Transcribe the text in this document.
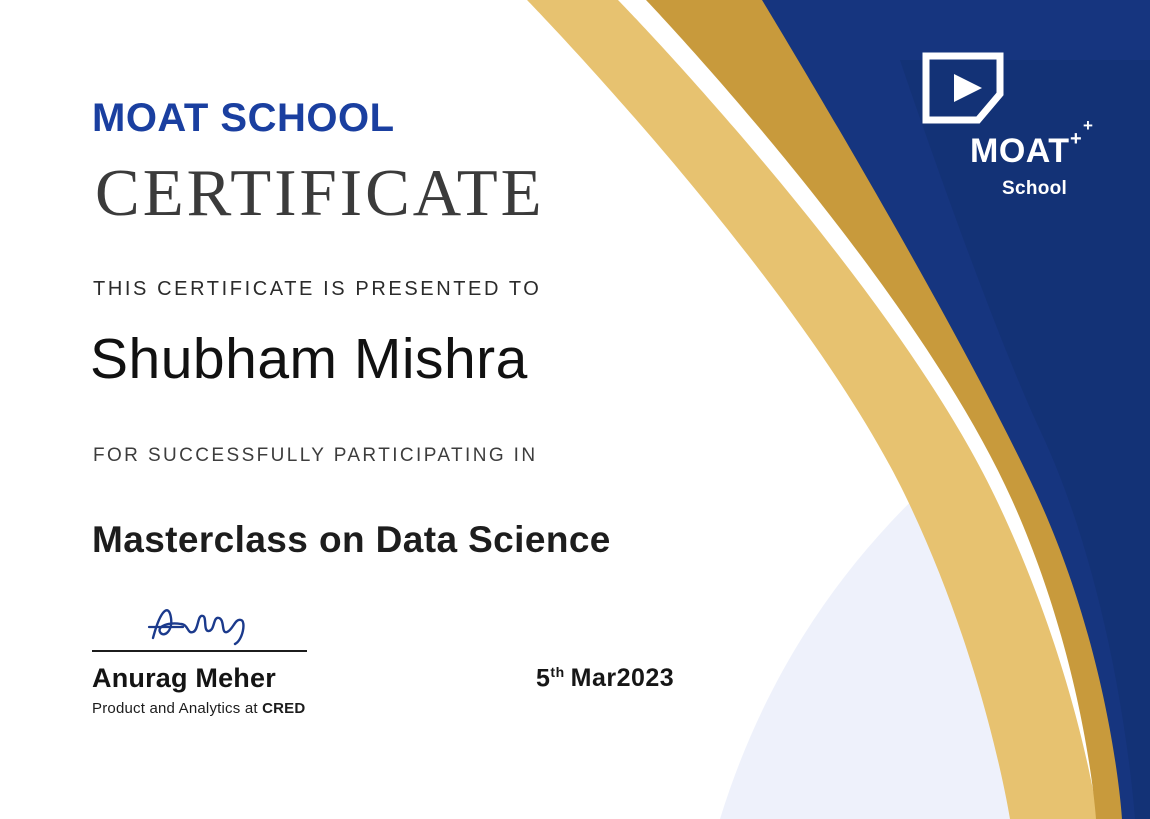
MOAT SCHOOL
CERTIFICATE
THIS CERTIFICATE IS PRESENTED TO
Shubham Mishra
FOR SUCCESSFULLY PARTICIPATING IN
Masterclass on Data Science
Anurag Meher
Product and Analytics at CRED
5th Mar2023
MOAT +
+
School
